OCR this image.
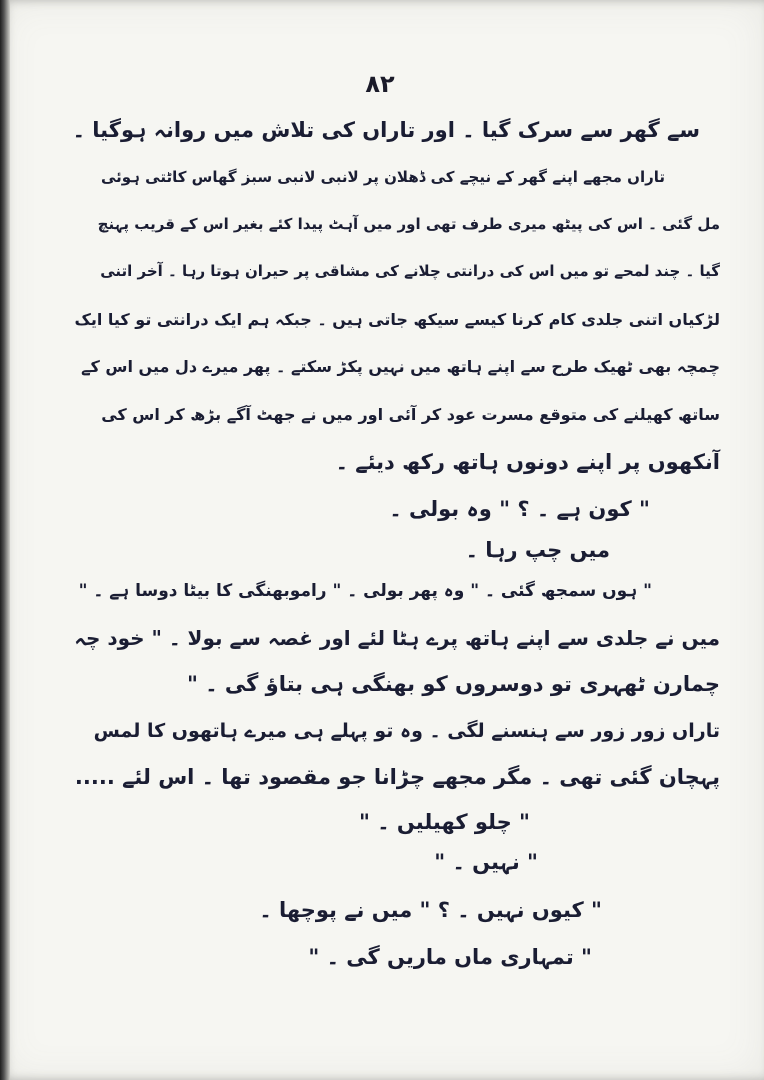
۸۲
سے گھر سے سرک گیا ۔ اور تاراں کی تلاش میں روانہ ہوگیا ۔
تاراں مجھے اپنے گھر کے نیچے کی ڈھلان پر لانبی لانبی سبز گھاس کاٹتی ہوئی
مل گئی ۔ اس کی پیٹھ میری طرف تھی اور میں آہٹ پیدا کئے بغیر اس کے قریب پہنچ
گیا ۔ چند لمحے تو میں اس کی درانتی چلانے کی مشاقی پر حیران ہوتا رہا ۔ آخر اتنی
لڑکیاں اتنی جلدی کام کرنا کیسے سیکھ جاتی ہیں ۔ جبکہ ہم ایک درانتی تو کیا ایک
چمچہ بھی ٹھیک طرح سے اپنے ہاتھ میں نہیں پکڑ سکتے ۔ پھر میرے دل میں اس کے
ساتھ کھیلنے کی متوقع مسرت عود کر آئی اور میں نے جھٹ آگے بڑھ کر اس کی
آنکھوں پر اپنے دونوں ہاتھ رکھ دیئے ۔
" کون ہے ۔ ؟ " وہ بولی ۔
میں چپ رہا ۔
" ہوں سمجھ گئی ۔ " وہ پھر بولی ۔ " راموبھنگی کا بیٹا دوسا ہے ۔ "
میں نے جلدی سے اپنے ہاتھ پرے ہٹا لئے اور غصہ سے بولا ۔ " خود چہ
چمارن ٹھہری تو دوسروں کو بھنگی ہی بتاؤ گی ۔ "
تاراں زور زور سے ہنسنے لگی ۔ وہ تو پہلے ہی میرے ہاتھوں کا لمس
پہچان گئی تھی ۔ مگر مجھے چڑانا جو مقصود تھا ۔ اس لئے .....
" چلو کھیلیں ۔ "
" نہیں ۔ "
" کیوں نہیں ۔ ؟ " میں نے پوچھا ۔
" تمہاری ماں ماریں گی ۔ "
